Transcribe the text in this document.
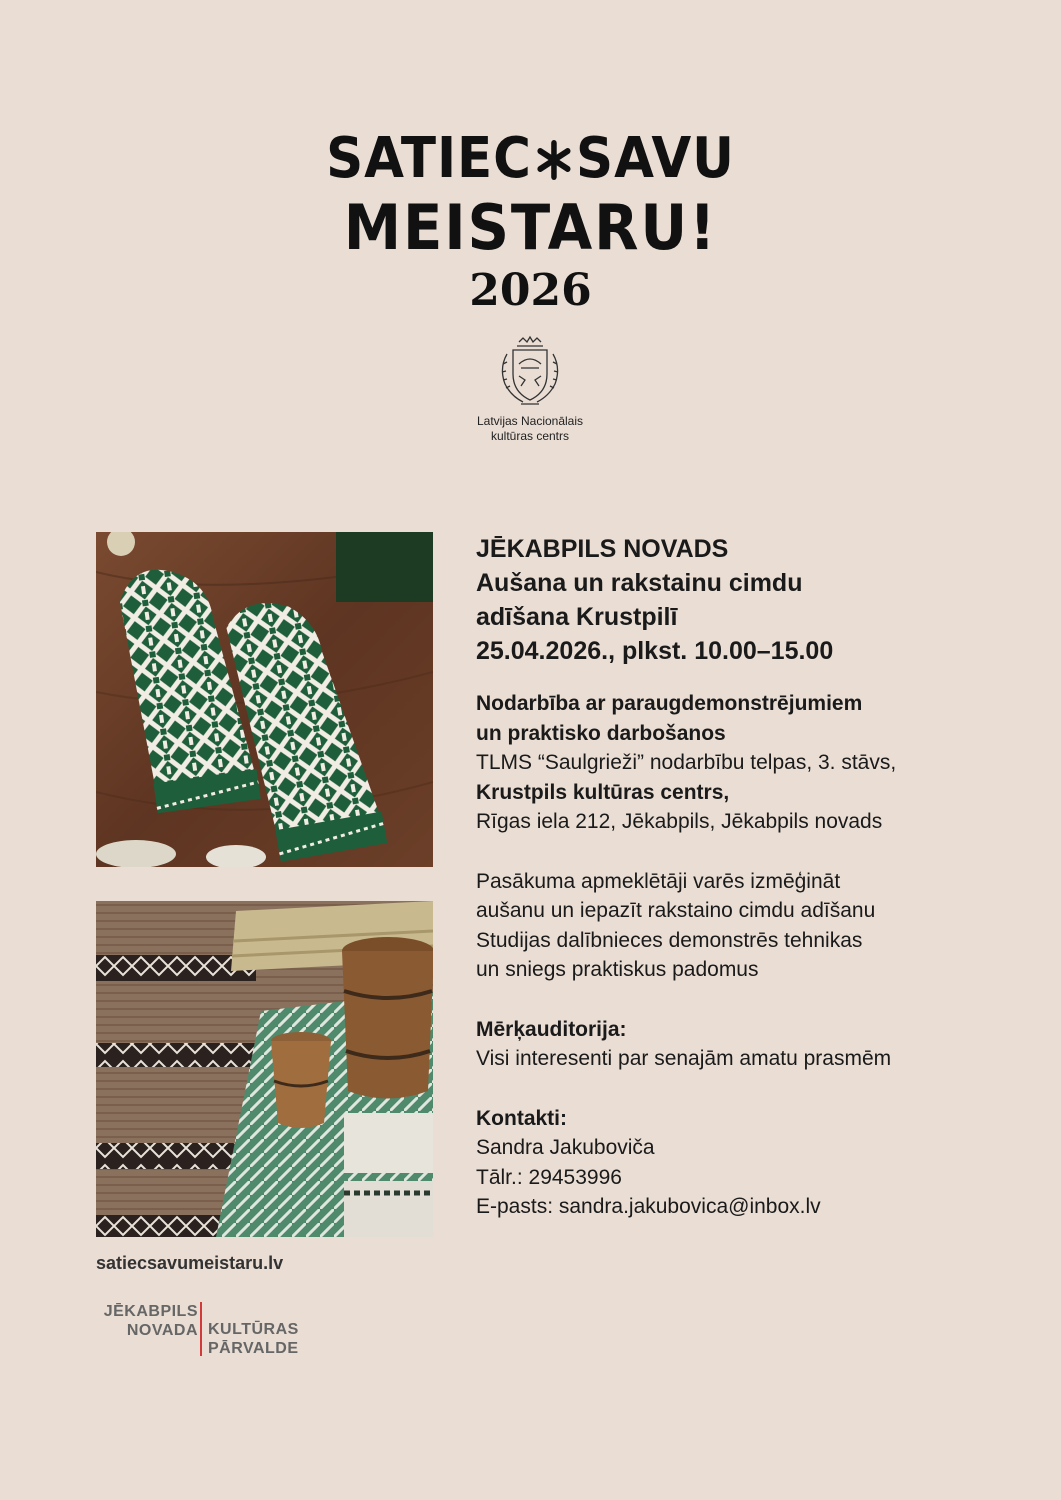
SATIEC SAVU
MEISTARU!
2026
Latvijas Nacionālais
kultūras centrs

JĒKABPILS NOVADS

Aušana un rakstainu cimdu

adīšana Krustpilī

25.04.2026., plkst. 10.00–15.00

Nodarbība ar paraugdemonstrējumiem

un praktisko darbošanos

TLMS “Saulgrieži” nodarbību telpas, 3. stāvs,

Krustpils kultūras centrs,

Rīgas iela 212, Jēkabpils, Jēkabpils novads

Pasākuma apmeklētāji varēs izmēģināt

aušanu un iepazīt rakstaino cimdu adīšanu

Studijas dalībnieces demonstrēs tehnikas

un sniegs praktiskus padomus

Mērķauditorija:

Visi interesenti par senajām amatu prasmēm

Kontakti:

Sandra Jakuboviča

Tālr.: 29453996

E-pasts: sandra.jakubovica@inbox.lv

satiecsavumeistaru.lv
JĒKABPILS
NOVADA KULTŪRAS
PĀRVALDE
